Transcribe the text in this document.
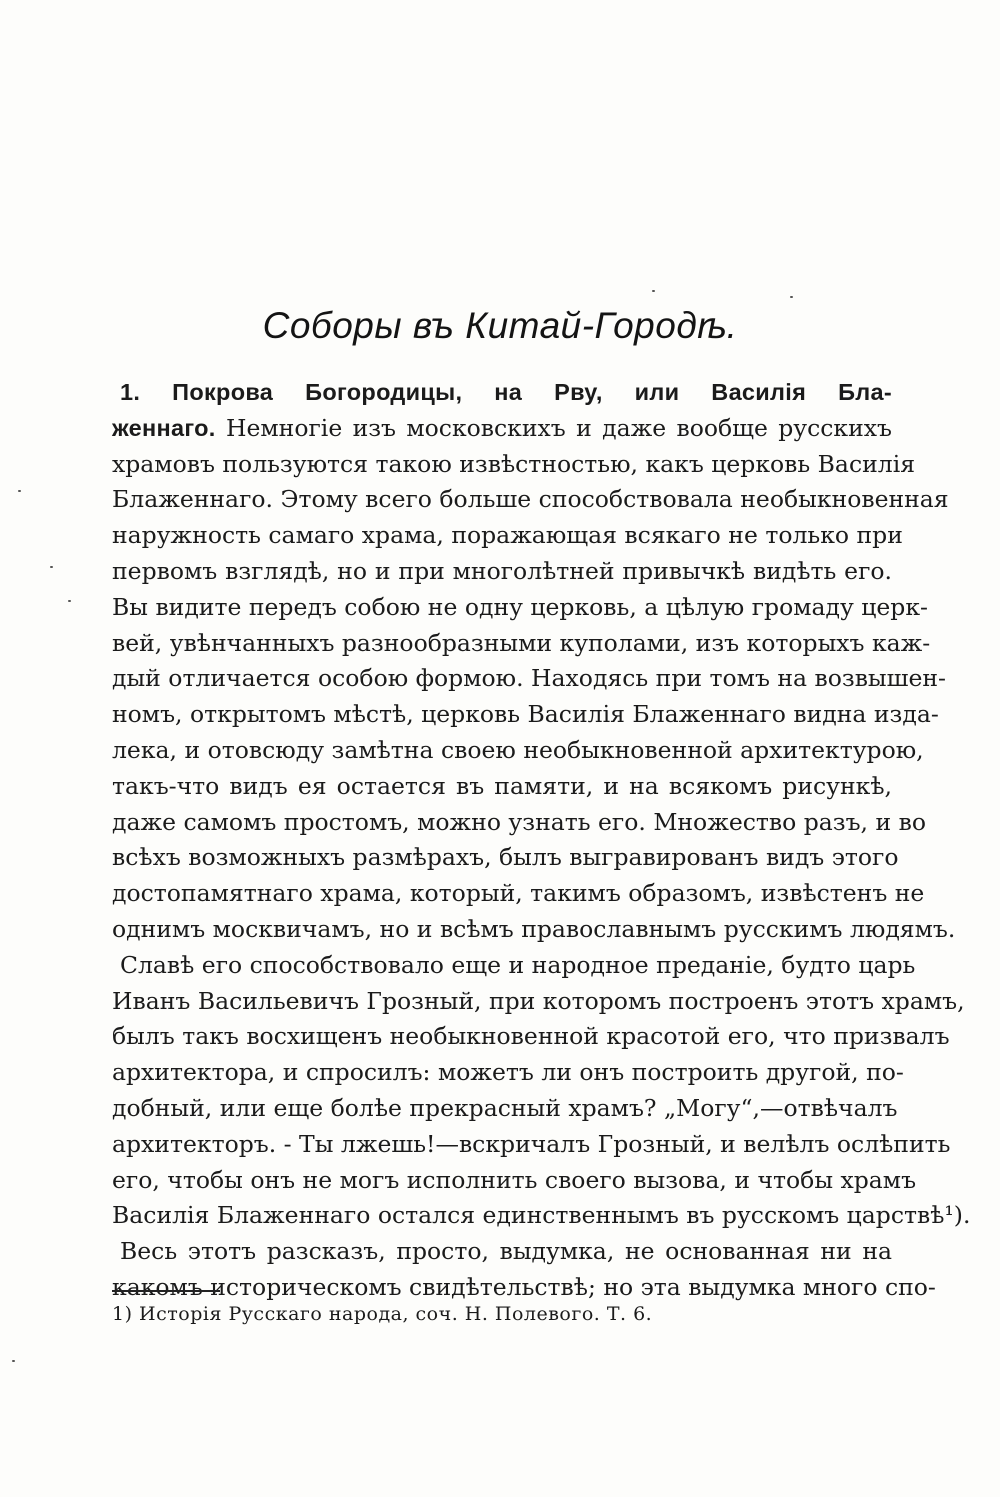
Соборы въ Китай-Городѣ.

1. Покрова Богородицы, на Рву, или Василія Бла-
женнаго. Немногіе изъ московскихъ и даже вообще русскихъ
храмовъ пользуются такою извѣстностью, какъ церковь Василія
Блаженнаго. Этому всего больше способствовала необыкновенная
наружность самаго храма, поражающая всякаго не только при
первомъ взглядѣ, но и при многолѣтней привычкѣ видѣть его.
Вы видите передъ собою не одну церковь, а цѣлую громаду церк-
вей, увѣнчанныхъ разнообразными куполами, изъ которыхъ каж-
дый отличается особою формою. Находясь при томъ на возвышен-
номъ, открытомъ мѣстѣ, церковь Василія Блаженнаго видна изда-
лека, и отовсюду замѣтна своею необыкновенной архитектурою,
такъ-что видъ ея остается въ памяти, и на всякомъ рисункѣ,
даже самомъ простомъ, можно узнать его. Множество разъ, и во
всѣхъ возможныхъ размѣрахъ, былъ выгравированъ видъ этого
достопамятнаго храма, который, такимъ образомъ, извѣстенъ не
однимъ москвичамъ, но и всѣмъ православнымъ русскимъ людямъ.

Славѣ его способствовало еще и народное преданіе, будто царь
Иванъ Васильевичъ Грозный, при которомъ построенъ этотъ храмъ,
былъ такъ восхищенъ необыкновенной красотой его, что призвалъ
архитектора, и спросилъ: можетъ ли онъ построить другой, по-
добный, или еще болѣе прекрасный храмъ? „Могу“,—отвѣчалъ
архитекторъ. - Ты лжешь!—вскричалъ Грозный, и велѣлъ ослѣпить
его, чтобы онъ не могъ исполнить своего вызова, и чтобы храмъ
Василія Блаженнаго остался единственнымъ въ русскомъ царствѣ¹).

Весь этотъ разсказъ, просто, выдумка, не основанная ни на
какомъ историческомъ свидѣтельствѣ; но эта выдумка много спо-

1) Исторія Русскаго народа, соч. Н. Полевого. Т. 6.
